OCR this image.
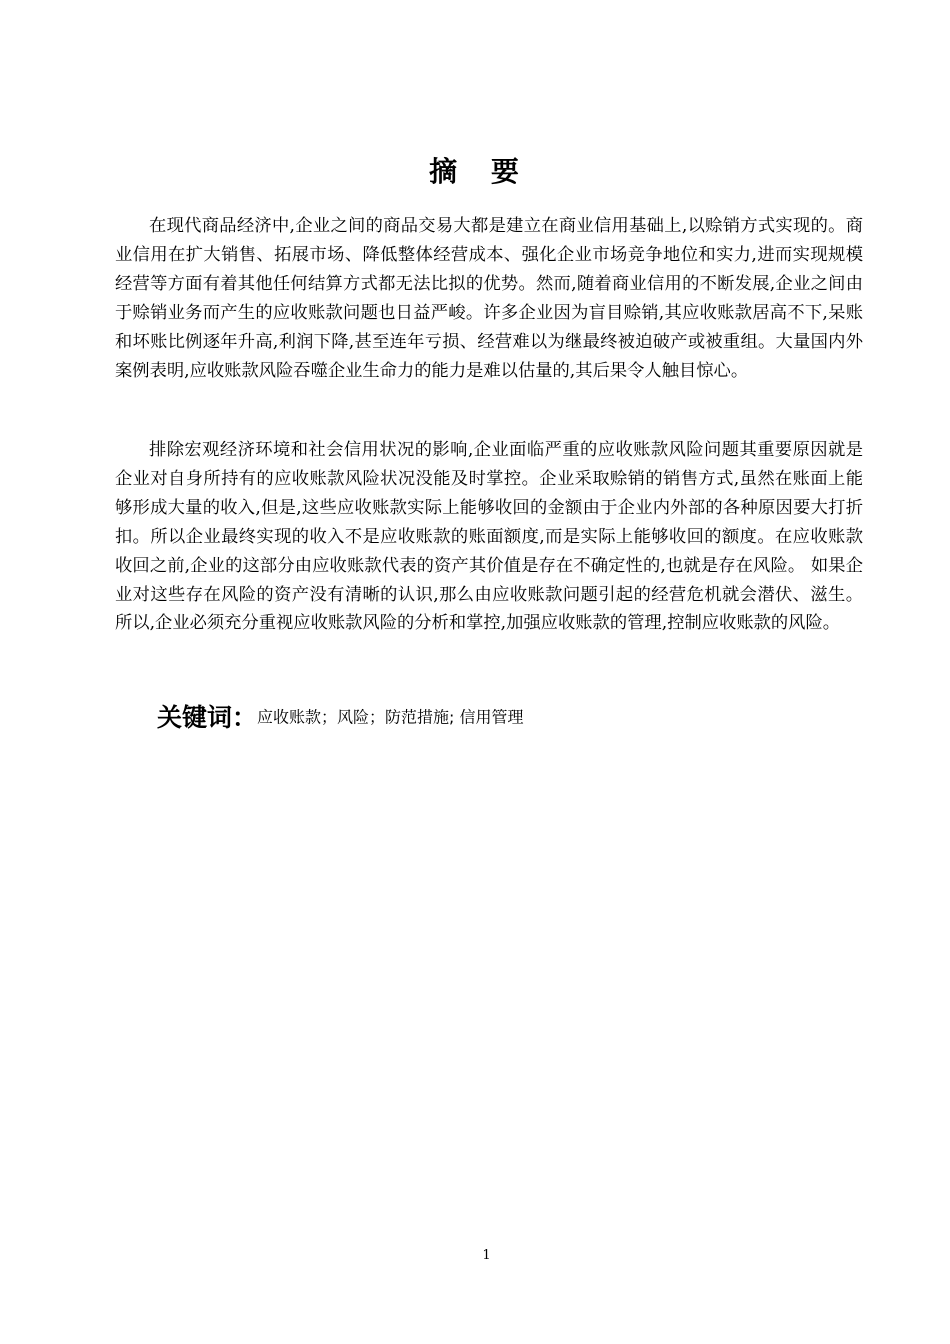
摘 要

在现代商品经济中,企业之间的商品交易大都是建立在商业信用基础上,以赊销方式实现的。商业信用在扩大销售、拓展市场、降低整体经营成本、强化企业市场竞争地位和实力,进而实现规模经营等方面有着其他任何结算方式都无法比拟的优势。然而,随着商业信用的不断发展,企业之间由于赊销业务而产生的应收账款问题也日益严峻。许多企业因为盲目赊销,其应收账款居高不下,呆账和坏账比例逐年升高,利润下降,甚至连年亏损、经营难以为继最终被迫破产或被重组。大量国内外案例表明,应收账款风险吞噬企业生命力的能力是难以估量的,其后果令人触目惊心。

排除宏观经济环境和社会信用状况的影响,企业面临严重的应收账款风险问题其重要原因就是企业对自身所持有的应收账款风险状况没能及时掌控。企业采取赊销的销售方式,虽然在账面上能够形成大量的收入,但是,这些应收账款实际上能够收回的金额由于企业内外部的各种原因要大打折扣。所以企业最终实现的收入不是应收账款的账面额度,而是实际上能够收回的额度。在应收账款收回之前,企业的这部分由应收账款代表的资产其价值是存在不确定性的,也就是存在风险。 如果企业对这些存在风险的资产没有清晰的认识,那么由应收账款问题引起的经营危机就会潜伏、滋生。所以,企业必须充分重视应收账款风险的分析和掌控,加强应收账款的管理,控制应收账款的风险。

关键词：应收账款；风险；防范措施; 信用管理
1
